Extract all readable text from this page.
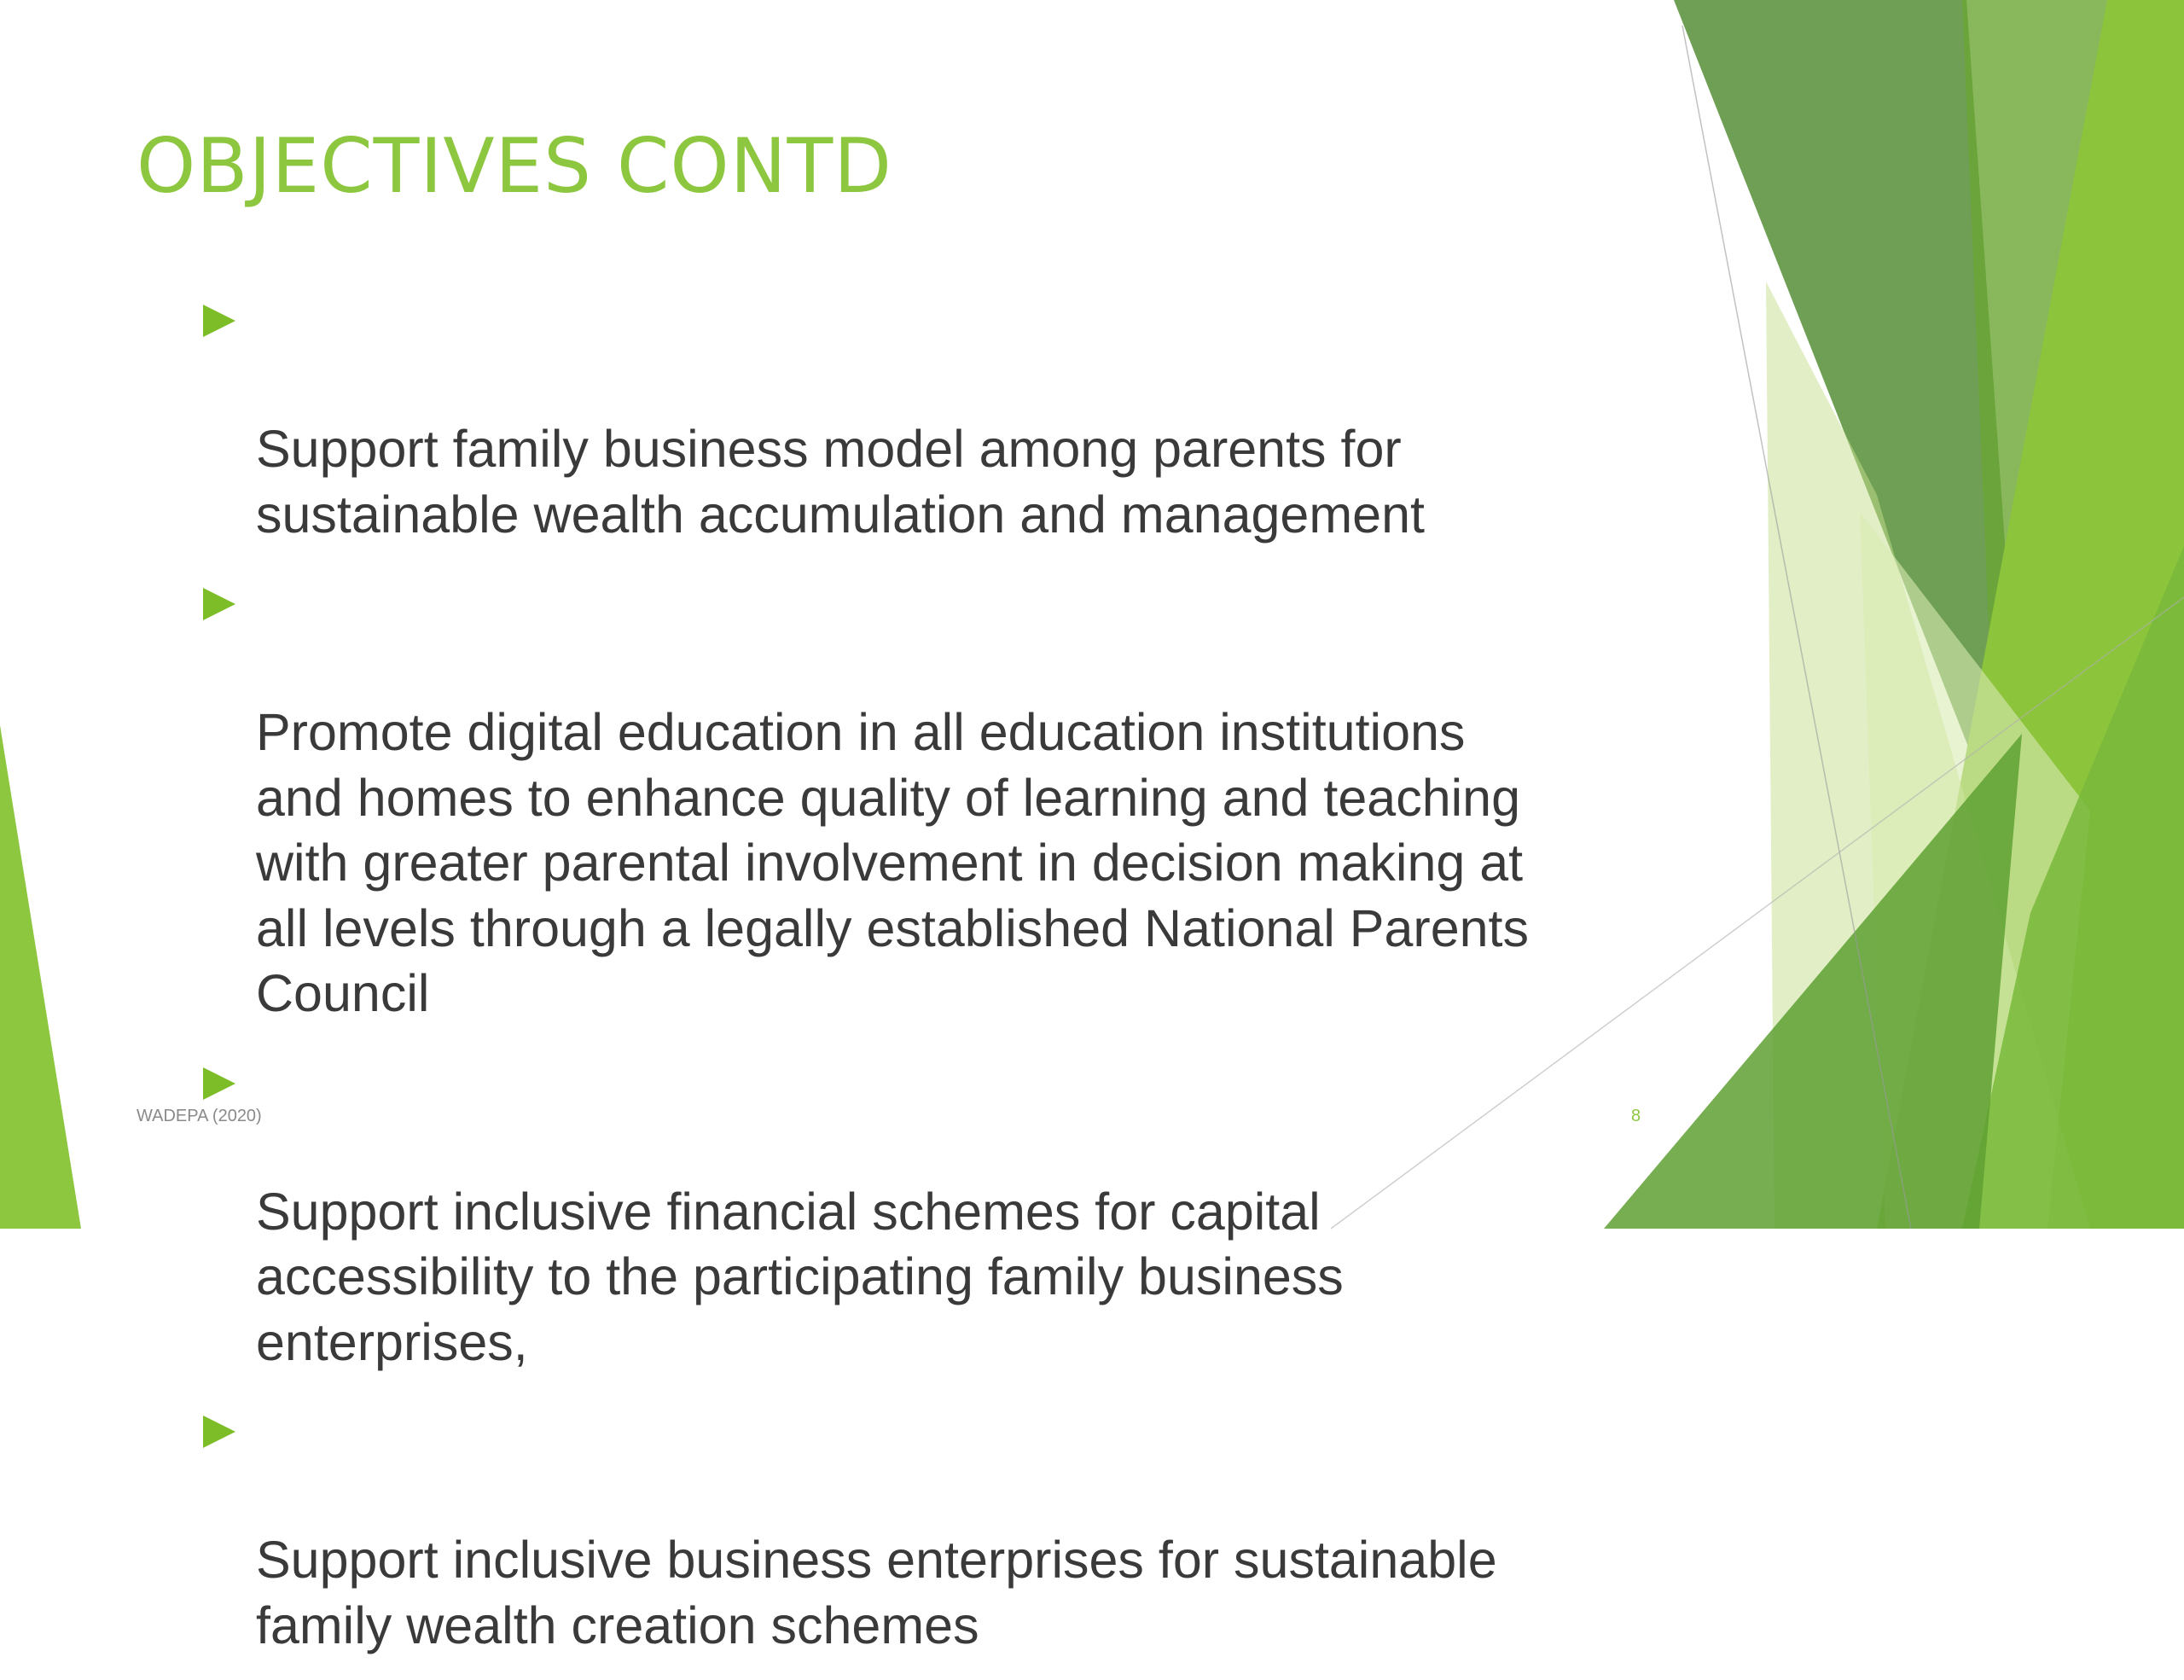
OBJECTIVES CONTD

Support family business model among parents for
sustainable wealth accumulation and management

Promote digital education in all education institutions
and homes to enhance quality of learning and teaching
with greater parental involvement in decision making at
all levels through a legally established National Parents
Council

Support inclusive financial schemes for capital
accessibility to the participating family business
enterprises,

Support inclusive business enterprises for sustainable
family wealth creation schemes

WADEPA (2020)	8
